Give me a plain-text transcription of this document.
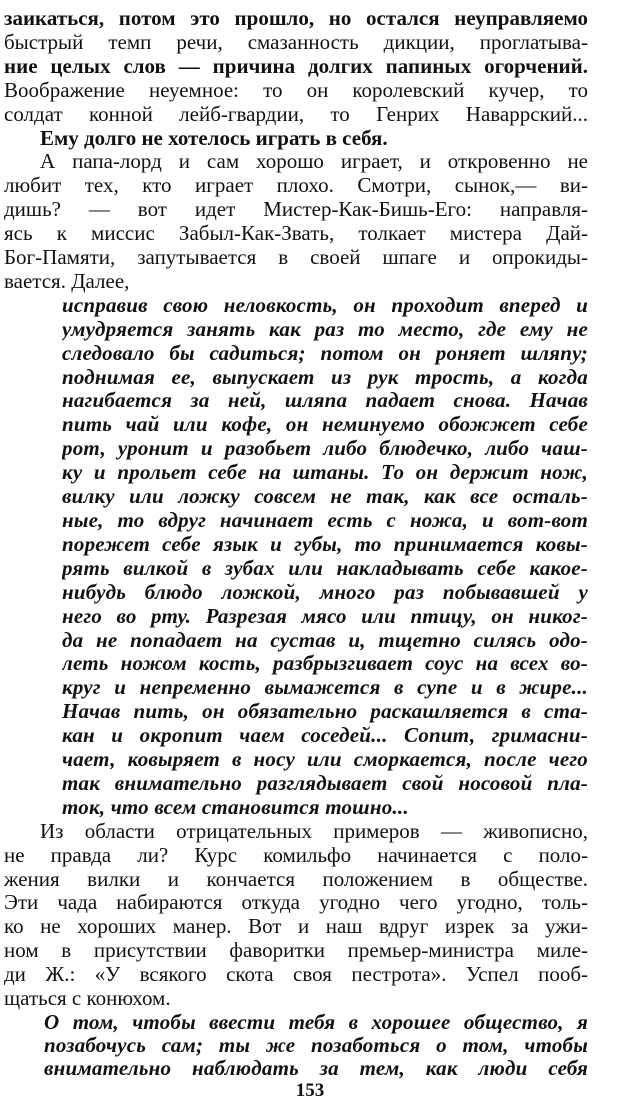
заикаться, потом это прошло, но остался неуправляемо
быстрый темп речи, смазанность дикции, проглатыва-
ние целых слов — причина долгих папиных огорчений.
Воображение неуемное: то он королевский кучер, то
солдат конной лейб-гвардии, то Генрих Наваррский...
Ему долго не хотелось играть в себя.
А папа-лорд и сам хорошо играет, и откровенно не
любит тех, кто играет плохо. Смотри, сынок,— ви-
дишь? — вот идет Мистер-Как-Бишь-Его: направля-
ясь к миссис Забыл-Как-Звать, толкает мистера Дай-
Бог-Памяти, запутывается в своей шпаге и опрокиды-
вается. Далее,
исправив свою неловкость, он проходит вперед и
умудряется занять как раз то место, где ему не
следовало бы садиться; потом он роняет шляпу;
поднимая ее, выпускает из рук трость, а когда
нагибается за ней, шляпа падает снова. Начав
пить чай или кофе, он неминуемо обожжет себе
рот, уронит и разобьет либо блюдечко, либо чаш-
ку и прольет себе на штаны. То он держит нож,
вилку или ложку совсем не так, как все осталь-
ные, то вдруг начинает есть с ножа, и вот-вот
порежет себе язык и губы, то принимается ковы-
рять вилкой в зубах или накладывать себе какое-
нибудь блюдо ложкой, много раз побывавшей у
него во рту. Разрезая мясо или птицу, он никог-
да не попадает на сустав и, тщетно силясь одо-
леть ножом кость, разбрызгивает соус на всех во-
круг и непременно вымажется в супе и в жире...
Начав пить, он обязательно раскашляется в ста-
кан и окропит чаем соседей... Сопит, гримасни-
чает, ковыряет в носу или сморкается, после чего
так внимательно разглядывает свой носовой пла-
ток, что всем становится тошно...
Из области отрицательных примеров — живописно,
не правда ли? Курс комильфо начинается с поло-
жения вилки и кончается положением в обществе.
Эти чада набираются откуда угодно чего угодно, толь-
ко не хороших манер. Вот и наш вдруг изрек за ужи-
ном в присутствии фаворитки премьер-министра миле-
ди Ж.: «У всякого скота своя пестрота». Успел пооб-
щаться с конюхом.
О том, чтобы ввести тебя в хорошее общество, я
позабочусь сам; ты же позаботься о том, чтобы
внимательно наблюдать за тем, как люди себя
153
